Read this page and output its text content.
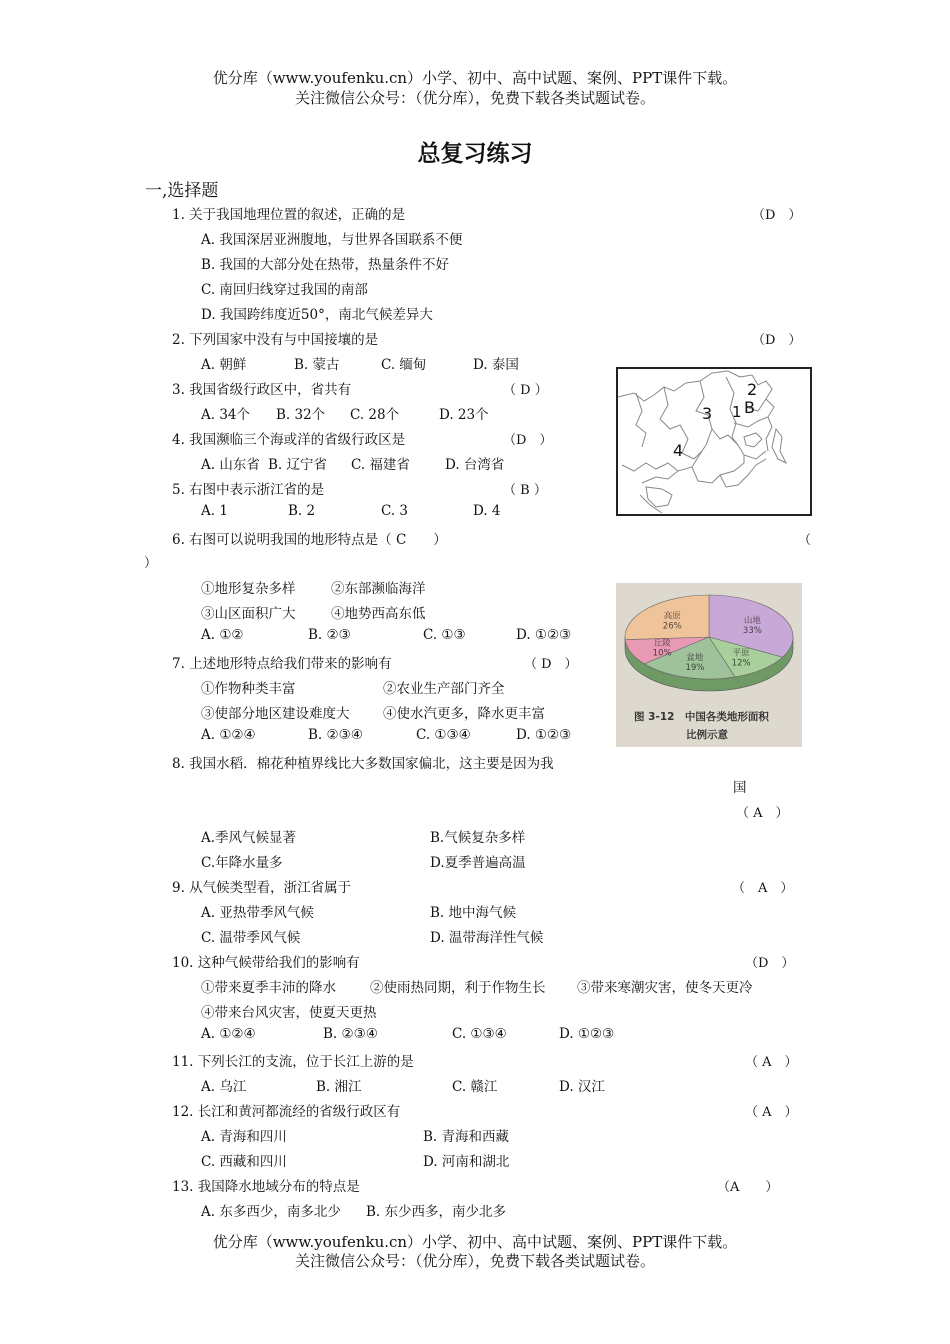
优分库（www.youfenku.cn）小学、初中、高中试题、案例、PPT课件下载。
关注微信公众号：（优分库），免费下载各类试题试卷。
总复习练习
一,选择题
1. 关于我国地理位置的叙述，正确的是	（D　）
A. 我国深居亚洲腹地，与世界各国联系不便
B. 我国的大部分处在热带，热量条件不好
C. 南回归线穿过我国的南部
D. 我国跨纬度近50°，南北气候差异大
2. 下列国家中没有与中国接壤的是	（D　）
A. 朝鲜	B. 蒙古	C. 缅甸	D. 泰国
3. 我国省级行政区中，省共有	（ D ）
A. 34个 B. 32个 C. 28个	D. 23个
4. 我国濒临三个海或洋的省级行政区是	（D　）
A. 山东省 B. 辽宁省 C. 福建省	D. 台湾省
5. 右图中表示浙江省的是	（ B ）
A. 1	B. 2	C. 3	D. 4
2
B
3 1
4
6. 右图可以说明我国的地形特点是（ C　　）	（
）
①地形复杂多样	②东部濒临海洋
③山区面积广大	④地势西高东低
A. ①②	B. ②③	C. ①③	D. ①②③
山地
33%
平原
12%
盆地
19%
丘陵
10%
高原
26%
图 3-12　中国各类地形面积
比例示意
7. 上述地形特点给我们带来的影响有	（ D　）
①作物种类丰富	②农业生产部门齐全
③使部分地区建设难度大 ④使水汽更多，降水更丰富
A. ①②④	B. ②③④	C. ①③④	D. ①②③
8. 我国水稻．棉花种植界线比大多数国家偏北，这主要是因为我
国
（ A　）
A.季风气候显著	B.气候复杂多样
C.年降水量多	D.夏季普遍高温
9. 从气候类型看，浙江省属于	（　A　）
A. 亚热带季风气候	B. 地中海气候
C. 温带季风气候	D. 温带海洋性气候
10. 这种气候带给我们的影响有	（D　）
①带来夏季丰沛的降水	②使雨热同期，利于作物生长 ③带来寒潮灾害，使冬天更冷
④带来台风灾害，使夏天更热
A. ①②④	B. ②③④	C. ①③④	D. ①②③
11. 下列长江的支流，位于长江上游的是	（ A　）
A. 乌江	B. 湘江	C. 赣江	D. 汉江
12. 长江和黄河都流经的省级行政区有	（ A　）
A. 青海和四川	B. 青海和西藏
C. 西藏和四川	D. 河南和湖北
13. 我国降水地域分布的特点是	（A　　）
A. 东多西少，南多北少 B. 东少西多，南少北多
优分库（www.youfenku.cn）小学、初中、高中试题、案例、PPT课件下载。
关注微信公众号：（优分库），免费下载各类试题试卷。
